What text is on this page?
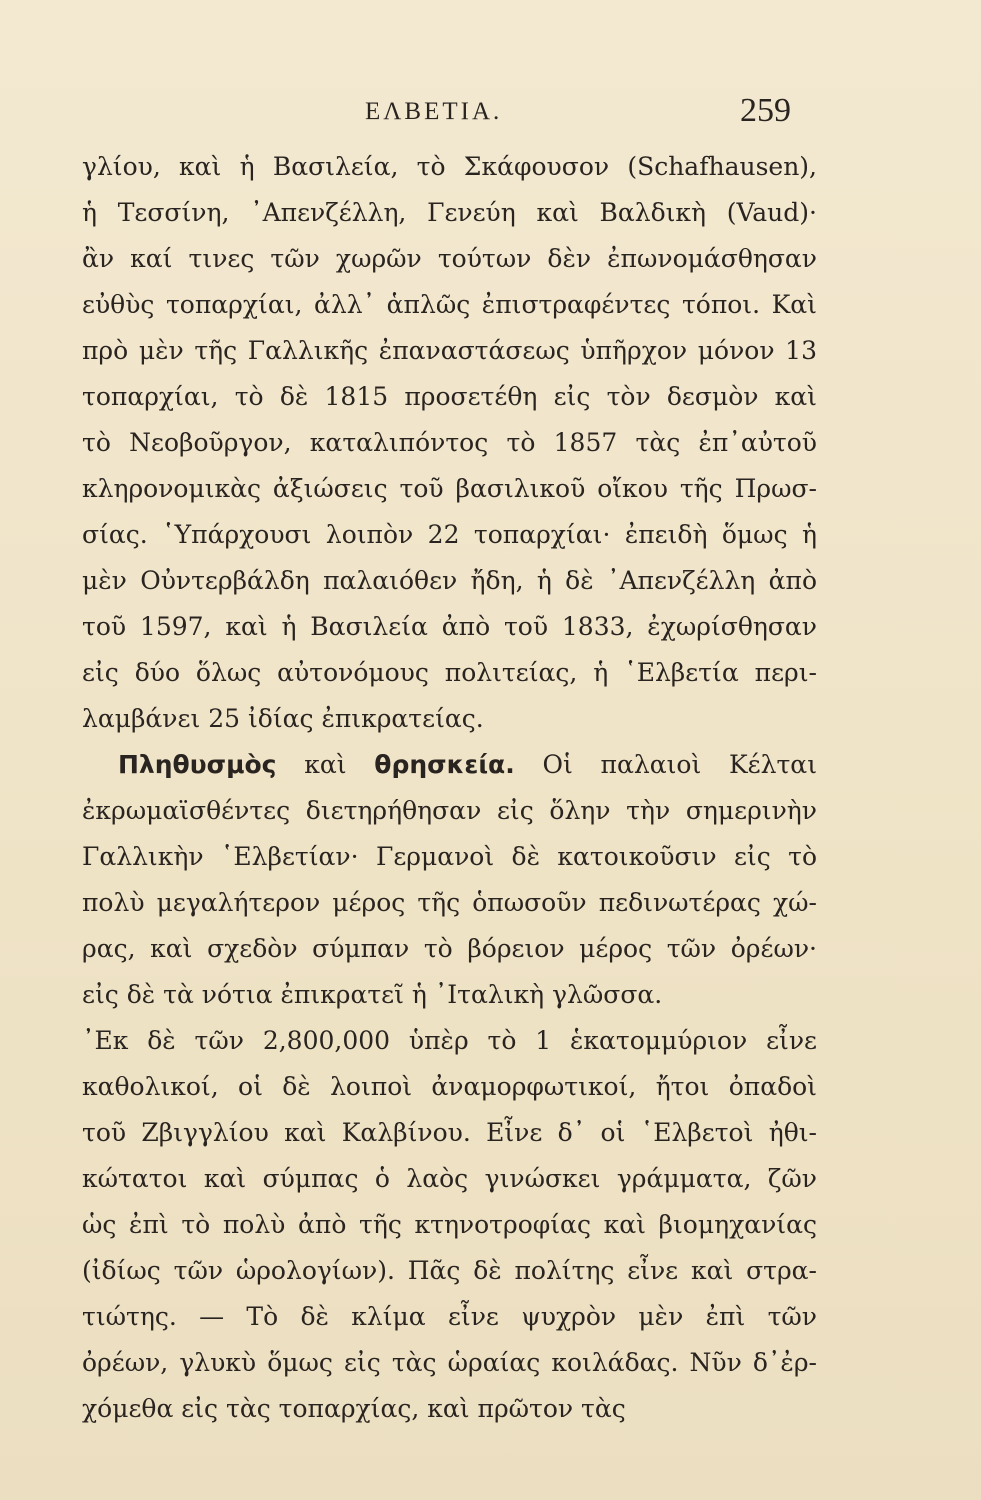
ΕΛΒΕΤΙΑ.	259
γλίου, καὶ ἡ Βασιλεία, τὸ Σκάφουσον (Schafhausen),
ἡ Τεσσίνη, ᾿Απενζέλλη, Γενεύη καὶ Βαλδικὴ (Vaud)·
ἂν καί τινες τῶν χωρῶν τούτων δὲν ἐπωνομάσθησαν
εὐθὺς τοπαρχίαι, ἀλλ᾿ ἁπλῶς ἐπιστραφέντες τόποι. Καὶ
πρὸ μὲν τῆς Γαλλικῆς ἐπαναστάσεως ὑπῆρχον μόνον 13
τοπαρχίαι, τὸ δὲ 1815 προσετέθη εἰς τὸν δεσμὸν καὶ
τὸ Νεοβοῦργον, καταλιπόντος τὸ 1857 τὰς ἐπ᾿αὐτοῦ
κληρονομικὰς ἀξιώσεις τοῦ βασιλικοῦ οἴκου τῆς Πρωσ-
σίας. ῾Υπάρχουσι λοιπὸν 22 τοπαρχίαι· ἐπειδὴ ὅμως ἡ
μὲν Οὐντερβάλδη παλαιόθεν ἤδη, ἡ δὲ ᾿Απενζέλλη ἀπὸ
τοῦ 1597, καὶ ἡ Βασιλεία ἀπὸ τοῦ 1833, ἐχωρίσθησαν
εἰς δύο ὅλως αὐτονόμους πολιτείας, ἡ ῾Ελβετία περι-
λαμβάνει 25 ἰδίας ἐπικρατείας.
Πληθυσμὸς καὶ θρησκεία. Οἱ παλαιοὶ Κέλται
ἐκρωμαϊσθέντες διετηρήθησαν εἰς ὅλην τὴν σημερινὴν
Γαλλικὴν ῾Ελβετίαν· Γερμανοὶ δὲ κατοικοῦσιν εἰς τὸ
πολὺ μεγαλήτερον μέρος τῆς ὁπωσοῦν πεδινωτέρας χώ-
ρας, καὶ σχεδὸν σύμπαν τὸ βόρειον μέρος τῶν ὀρέων·
εἰς δὲ τὰ νότια ἐπικρατεῖ ἡ ᾿Ιταλικὴ γλῶσσα.
᾿Εκ δὲ τῶν 2,800,000 ὑπὲρ τὸ 1 ἑκατομμύριον εἶνε
καθολικοί, οἱ δὲ λοιποὶ ἀναμορφωτικοί, ἤτοι ὀπαδοὶ
τοῦ Ζβιγγλίου καὶ Καλβίνου. Εἶνε δ᾿ οἱ ῾Ελβετοὶ ἠθι-
κώτατοι καὶ σύμπας ὁ λαὸς γινώσκει γράμματα, ζῶν
ὡς ἐπὶ τὸ πολὺ ἀπὸ τῆς κτηνοτροφίας καὶ βιομηχανίας
(ἰδίως τῶν ὡρολογίων). Πᾶς δὲ πολίτης εἶνε καὶ στρα-
τιώτης. — Τὸ δὲ κλίμα εἶνε ψυχρὸν μὲν ἐπὶ τῶν
ὀρέων, γλυκὺ ὅμως εἰς τὰς ὡραίας κοιλάδας. Νῦν δ᾿ἐρ-
χόμεθα εἰς τὰς τοπαρχίας, καὶ πρῶτον τὰς
